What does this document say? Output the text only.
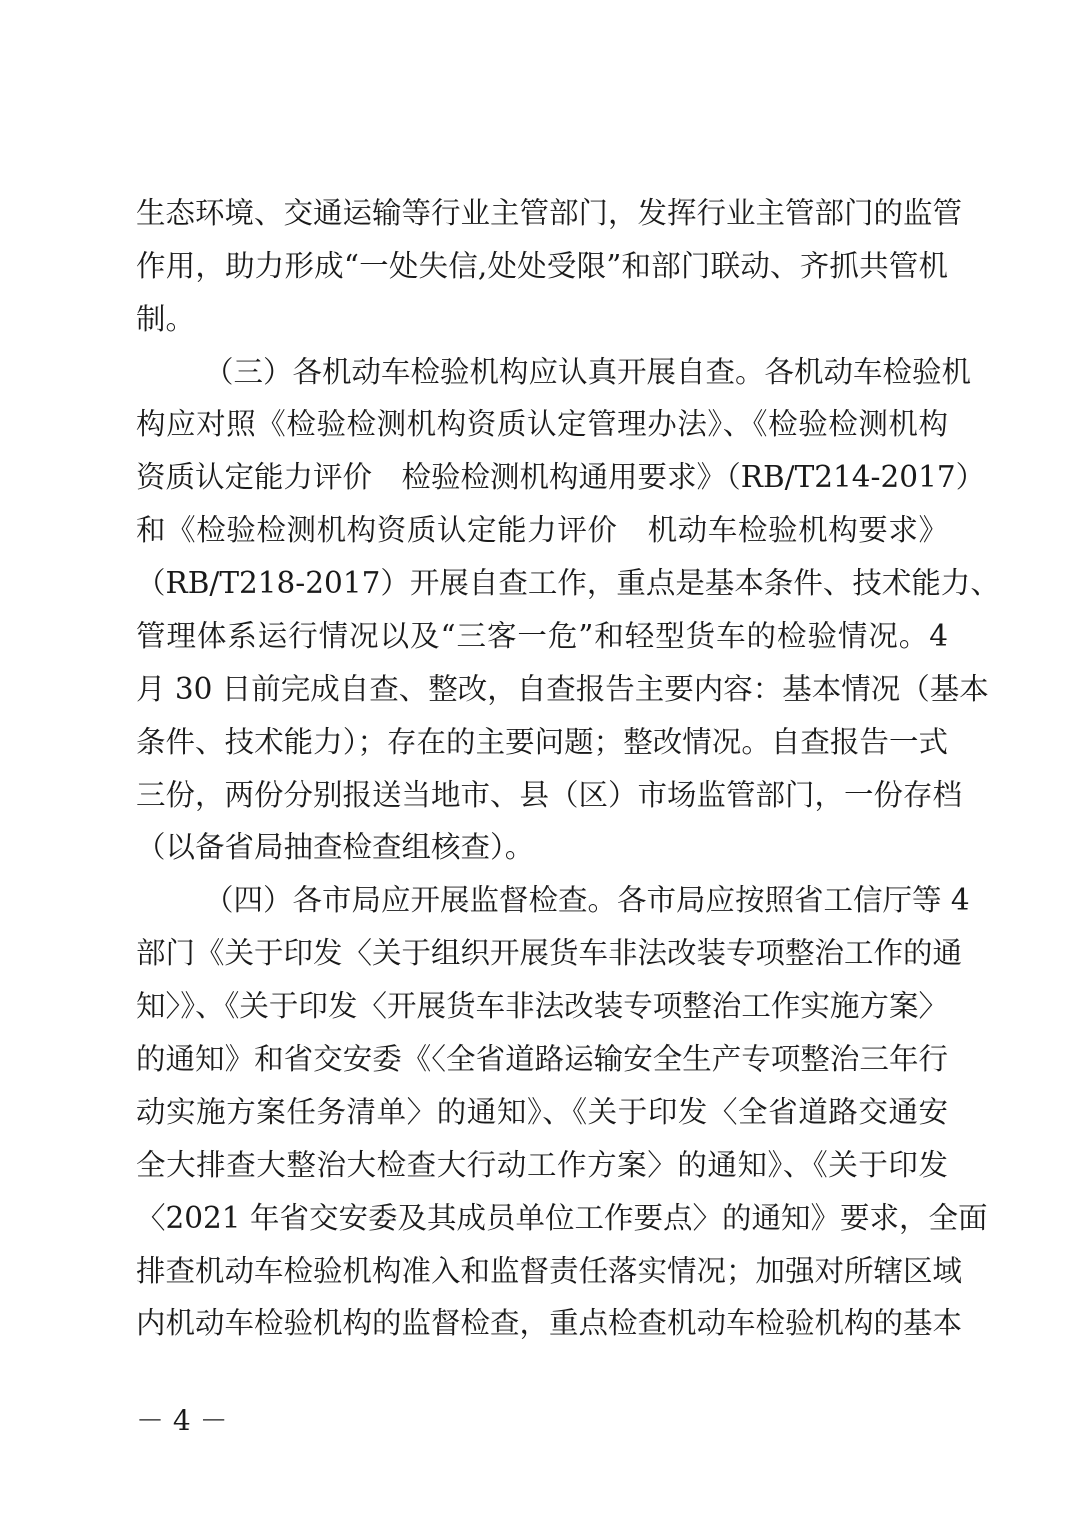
生态环境、交通运输等行业主管部门，发挥行业主管部门的监管
作用，助力形成“一处失信,处处受限”和部门联动、齐抓共管机
制。
（三）各机动车检验机构应认真开展自查。各机动车检验机
构应对照《检验检测机构资质认定管理办法》、《检验检测机构
资质认定能力评价　检验检测机构通用要求》（RB/T214-2017）
和《检验检测机构资质认定能力评价　机动车检验机构要求》
（RB/T218-2017）开展自查工作，重点是基本条件、技术能力、
管理体系运行情况以及“三客一危”和轻型货车的检验情况。4
月 30 日前完成自查、整改，自查报告主要内容：基本情况（基本
条件、技术能力）；存在的主要问题；整改情况。自查报告一式
三份，两份分别报送当地市、县（区）市场监管部门，一份存档
（以备省局抽查检查组核查）。
（四）各市局应开展监督检查。各市局应按照省工信厅等 4
部门《关于印发〈关于组织开展货车非法改装专项整治工作的通
知〉》、《关于印发〈开展货车非法改装专项整治工作实施方案〉
的通知》和省交安委《〈全省道路运输安全生产专项整治三年行
动实施方案任务清单〉的通知》、《关于印发〈全省道路交通安
全大排查大整治大检查大行动工作方案〉的通知》、《关于印发
〈2021 年省交安委及其成员单位工作要点〉的通知》要求，全面
排查机动车检验机构准入和监督责任落实情况；加强对所辖区域
内机动车检验机构的监督检查，重点检查机动车检验机构的基本
－ 4 －
